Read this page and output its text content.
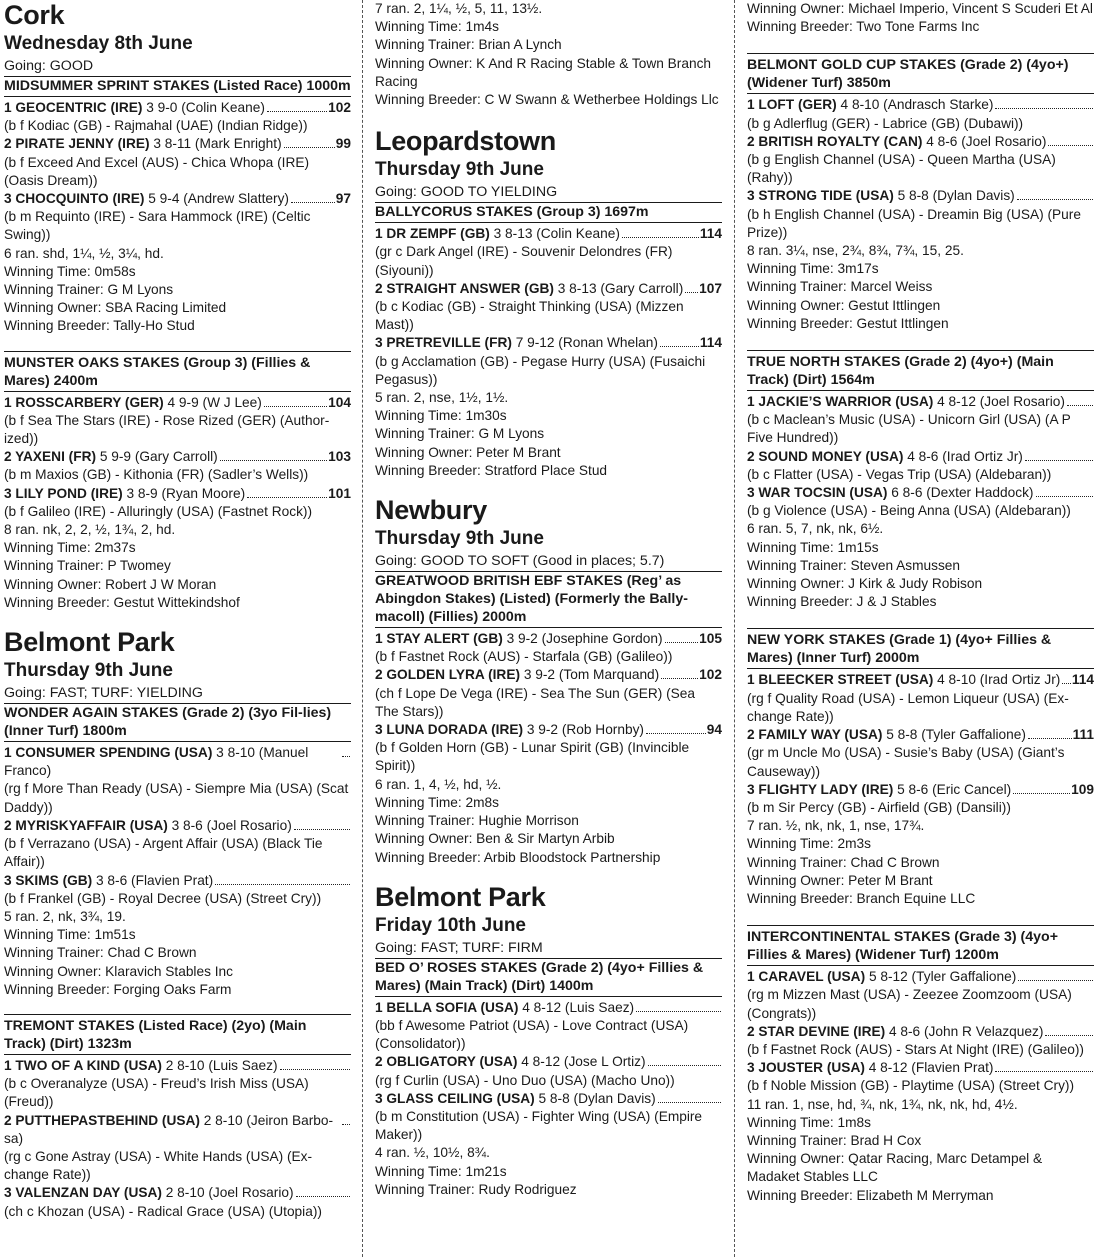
Cork
Wednesday 8th June

Going: GOOD

MIDSUMMER SPRINT STAKES (Listed Race) 1000m
1 GEOCENTRIC (IRE) 3 9-0 (Colin Keane)	102

(b f Kodiac (GB) - Rajmahal (UAE) (Indian Ridge))

2 PIRATE JENNY (IRE) 3 8-11 (Mark Enright)	99

(b f Exceed And Excel (AUS) - Chica Whopa (IRE) (Oasis Dream))

3 CHOCQUINTO (IRE) 5 9-4 (Andrew Slattery)	97

(b m Requinto (IRE) - Sara Hammock (IRE) (Celtic Swing))

6 ran. shd, 1¼, ½, 3¼, hd.

Winning Time: 0m58s

Winning Trainer: G M Lyons

Winning Owner: SBA Racing Limited

Winning Breeder: Tally-Ho Stud

MUNSTER OAKS STAKES (Group 3) (Fillies & Mares) 2400m
1 ROSSCARBERY (GER) 4 9-9 (W J Lee)	104

(b f Sea The Stars (IRE) - Rose Rized (GER) (Author-ized))

2 YAXENI (FR) 5 9-9 (Gary Carroll)	103

(b m Maxios (GB) - Kithonia (FR) (Sadler’s Wells))

3 LILY POND (IRE) 3 8-9 (Ryan Moore)	101

(b f Galileo (IRE) - Alluringly (USA) (Fastnet Rock))

8 ran. nk, 2, 2, ½, 1¾, 2, hd.

Winning Time: 2m37s

Winning Trainer: P Twomey

Winning Owner: Robert J W Moran

Winning Breeder: Gestut Wittekindshof

Belmont Park
Thursday 9th June

Going: FAST; TURF: YIELDING

WONDER AGAIN STAKES (Grade 2) (3yo Fil-lies) (Inner Turf) 1800m
1 CONSUMER SPENDING (USA) 3 8-10 (Manuel Franco)

(rg f More Than Ready (USA) - Siempre Mia (USA) (Scat Daddy))

2 MYRISKYAFFAIR (USA) 3 8-6 (Joel Rosario)

(b f Verrazano (USA) - Argent Affair (USA) (Black Tie Affair))

3 SKIMS (GB) 3 8-6 (Flavien Prat)

(b f Frankel (GB) - Royal Decree (USA) (Street Cry))

5 ran. 2, nk, 3¾, 19.

Winning Time: 1m51s

Winning Trainer: Chad C Brown

Winning Owner: Klaravich Stables Inc

Winning Breeder: Forging Oaks Farm

TREMONT STAKES (Listed Race) (2yo) (Main Track) (Dirt) 1323m
1 TWO OF A KIND (USA) 2 8-10 (Luis Saez)

(b c Overanalyze (USA) - Freud’s Irish Miss (USA) (Freud))

2 PUTTHEPASTBEHIND (USA) 2 8-10 (Jeiron Barbo-sa)

(rg c Gone Astray (USA) - White Hands (USA) (Ex-change Rate))

3 VALENZAN DAY (USA) 2 8-10 (Joel Rosario)

(ch c Khozan (USA) - Radical Grace (USA) (Utopia))

7 ran. 2, 1¼, ½, 5, 11, 13½.

Winning Time: 1m4s

Winning Trainer: Brian A Lynch

Winning Owner: K And R Racing Stable & Town Branch Racing

Winning Breeder: C W Swann & Wetherbee Holdings Llc

Leopardstown
Thursday 9th June

Going: GOOD TO YIELDING

BALLYCORUS STAKES (Group 3) 1697m
1 DR ZEMPF (GB) 3 8-13 (Colin Keane)	114

(gr c Dark Angel (IRE) - Souvenir Delondres (FR) (Siyouni))

2 STRAIGHT ANSWER (GB) 3 8-13 (Gary Carroll) 107

(b c Kodiac (GB) - Straight Thinking (USA) (Mizzen Mast))

3 PRETREVILLE (FR) 7 9-12 (Ronan Whelan)	114

(b g Acclamation (GB) - Pegase Hurry (USA) (Fusaichi Pegasus))

5 ran. 2, nse, 1½, 1½.

Winning Time: 1m30s

Winning Trainer: G M Lyons

Winning Owner: Peter M Brant

Winning Breeder: Stratford Place Stud

Newbury
Thursday 9th June

Going: GOOD TO SOFT (Good in places; 5.7)

GREATWOOD BRITISH EBF STAKES (Reg’ as Abingdon Stakes) (Listed) (Formerly the Bally-macoll) (Fillies) 2000m
1 STAY ALERT (GB) 3 9-2 (Josephine Gordon)	105

(b f Fastnet Rock (AUS) - Starfala (GB) (Galileo))

2 GOLDEN LYRA (IRE) 3 9-2 (Tom Marquand)	102

(ch f Lope De Vega (IRE) - Sea The Sun (GER) (Sea The Stars))

3 LUNA DORADA (IRE) 3 9-2 (Rob Hornby)	94

(b f Golden Horn (GB) - Lunar Spirit (GB) (Invincible Spirit))

6 ran. 1, 4, ½, hd, ½.

Winning Time: 2m8s

Winning Trainer: Hughie Morrison

Winning Owner: Ben & Sir Martyn Arbib

Winning Breeder: Arbib Bloodstock Partnership

Belmont Park
Friday 10th June

Going: FAST; TURF: FIRM

BED O’ ROSES STAKES (Grade 2) (4yo+ Fillies & Mares) (Main Track) (Dirt) 1400m
1 BELLA SOFIA (USA) 4 8-12 (Luis Saez)

(bb f Awesome Patriot (USA) - Love Contract (USA) (Consolidator))

2 OBLIGATORY (USA) 4 8-12 (Jose L Ortiz)

(rg f Curlin (USA) - Uno Duo (USA) (Macho Uno))

3 GLASS CEILING (USA) 5 8-8 (Dylan Davis)

(b m Constitution (USA) - Fighter Wing (USA) (Empire Maker))

4 ran. ½, 10½, 8¾.

Winning Time: 1m21s

Winning Trainer: Rudy Rodriguez

Winning Owner: Michael Imperio, Vincent S Scuderi Et Al

Winning Breeder: Two Tone Farms Inc

BELMONT GOLD CUP STAKES (Grade 2) (4yo+) (Widener Turf) 3850m
1 LOFT (GER) 4 8-10 (Andrasch Starke)

(b g Adlerflug (GER) - Labrice (GB) (Dubawi))

2 BRITISH ROYALTY (CAN) 4 8-6 (Joel Rosario)

(b g English Channel (USA) - Queen Martha (USA) (Rahy))

3 STRONG TIDE (USA) 5 8-8 (Dylan Davis)

(b h English Channel (USA) - Dreamin Big (USA) (Pure Prize))

8 ran. 3¼, nse, 2¾, 8¾, 7¾, 15, 25.

Winning Time: 3m17s

Winning Trainer: Marcel Weiss

Winning Owner: Gestut Ittlingen

Winning Breeder: Gestut Ittlingen

TRUE NORTH STAKES (Grade 2) (4yo+) (Main Track) (Dirt) 1564m
1 JACKIE’S WARRIOR (USA) 4 8-12 (Joel Rosario)

(b c Maclean’s Music (USA) - Unicorn Girl (USA) (A P Five Hundred))

2 SOUND MONEY (USA) 4 8-6 (Irad Ortiz Jr)

(b c Flatter (USA) - Vegas Trip (USA) (Aldebaran))

3 WAR TOCSIN (USA) 6 8-6 (Dexter Haddock)

(b g Violence (USA) - Being Anna (USA) (Aldebaran))

6 ran. 5, 7, nk, nk, 6½.

Winning Time: 1m15s

Winning Trainer: Steven Asmussen

Winning Owner: J Kirk & Judy Robison

Winning Breeder: J & J Stables

NEW YORK STAKES (Grade 1) (4yo+ Fillies & Mares) (Inner Turf) 2000m
1 BLEECKER STREET (USA) 4 8-10 (Irad Ortiz Jr) 114

(rg f Quality Road (USA) - Lemon Liqueur (USA) (Ex-change Rate))

2 FAMILY WAY (USA) 5 8-8 (Tyler Gaffalione)	111

(gr m Uncle Mo (USA) - Susie’s Baby (USA) (Giant’s Causeway))

3 FLIGHTY LADY (IRE) 5 8-6 (Eric Cancel)	109

(b m Sir Percy (GB) - Airfield (GB) (Dansili))

7 ran. ½, nk, nk, 1, nse, 17¾.

Winning Time: 2m3s

Winning Trainer: Chad C Brown

Winning Owner: Peter M Brant

Winning Breeder: Branch Equine LLC

INTERCONTINENTAL STAKES (Grade 3) (4yo+ Fillies & Mares) (Widener Turf) 1200m
1 CARAVEL (USA) 5 8-12 (Tyler Gaffalione)

(rg m Mizzen Mast (USA) - Zeezee Zoomzoom (USA) (Congrats))

2 STAR DEVINE (IRE) 4 8-6 (John R Velazquez)

(b f Fastnet Rock (AUS) - Stars At Night (IRE) (Galileo))

3 JOUSTER (USA) 4 8-12 (Flavien Prat)

(b f Noble Mission (GB) - Playtime (USA) (Street Cry))

11 ran. 1, nse, hd, ¾, nk, 1¾, nk, nk, hd, 4½.

Winning Time: 1m8s

Winning Trainer: Brad H Cox

Winning Owner: Qatar Racing, Marc Detampel & Madaket Stables LLC

Winning Breeder: Elizabeth M Merryman
